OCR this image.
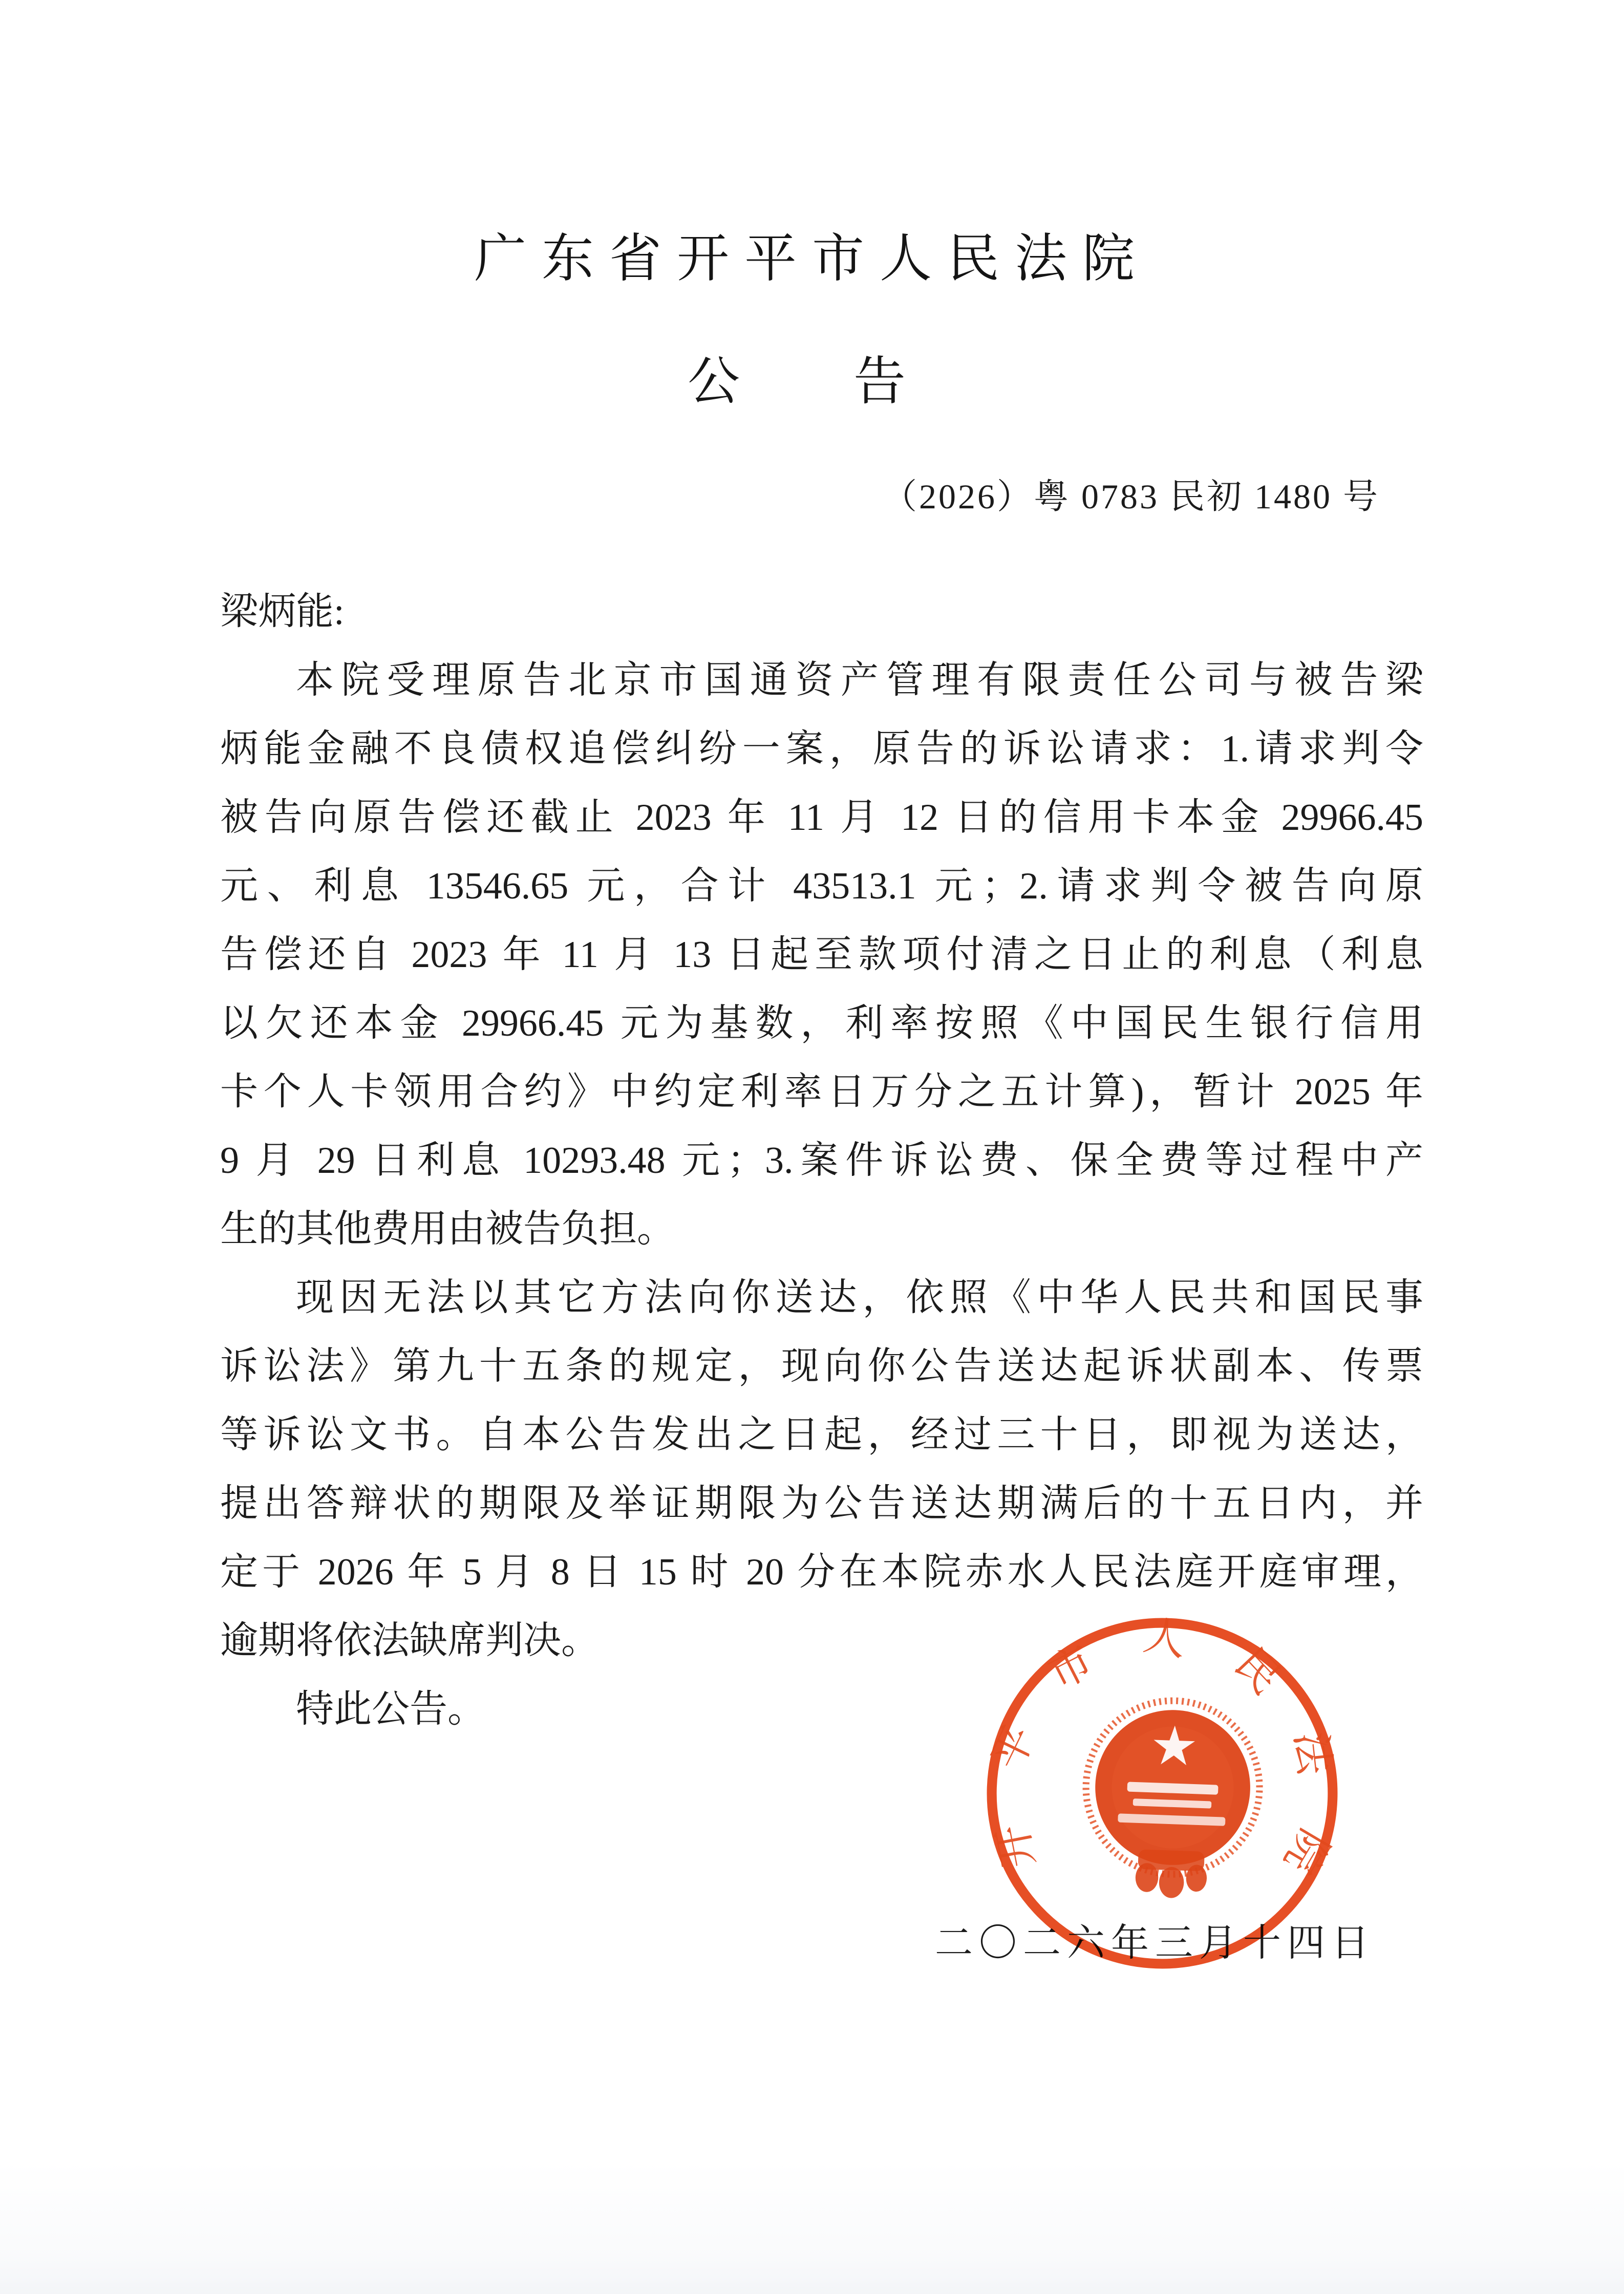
广东省开平市人民法院
公　告
（2026）粤 0783 民初 1480 号
梁炳能:
本院受理原告北京市国通资产管理有限责任公司与被告梁
炳能金融不良债权追偿纠纷一案，原告的诉讼请求：1.请求判令
被告向原告偿还截止 2023 年 11 月 12 日的信用卡本金 29966.45
元、利息 13546.65 元，合计 43513.1 元；2.请求判令被告向原
告偿还自 2023 年 11 月 13 日起至款项付清之日止的利息（利息
以欠还本金 29966.45 元为基数，利率按照《中国民生银行信用
卡个人卡领用合约》中约定利率日万分之五计算)，暂计 2025 年
9 月 29 日利息 10293.48 元；3.案件诉讼费、保全费等过程中产
生的其他费用由被告负担。
现因无法以其它方法向你送达，依照《中华人民共和国民事
诉讼法》第九十五条的规定，现向你公告送达起诉状副本、传票
等诉讼文书。自本公告发出之日起，经过三十日，即视为送达，
提出答辩状的期限及举证期限为公告送达期满后的十五日内，并
定于 2026 年 5 月 8 日 15 时 20 分在本院赤水人民法庭开庭审理，
逾期将依法缺席判决。
特此公告。
二〇二六年三月十四日
开平市人民法院
